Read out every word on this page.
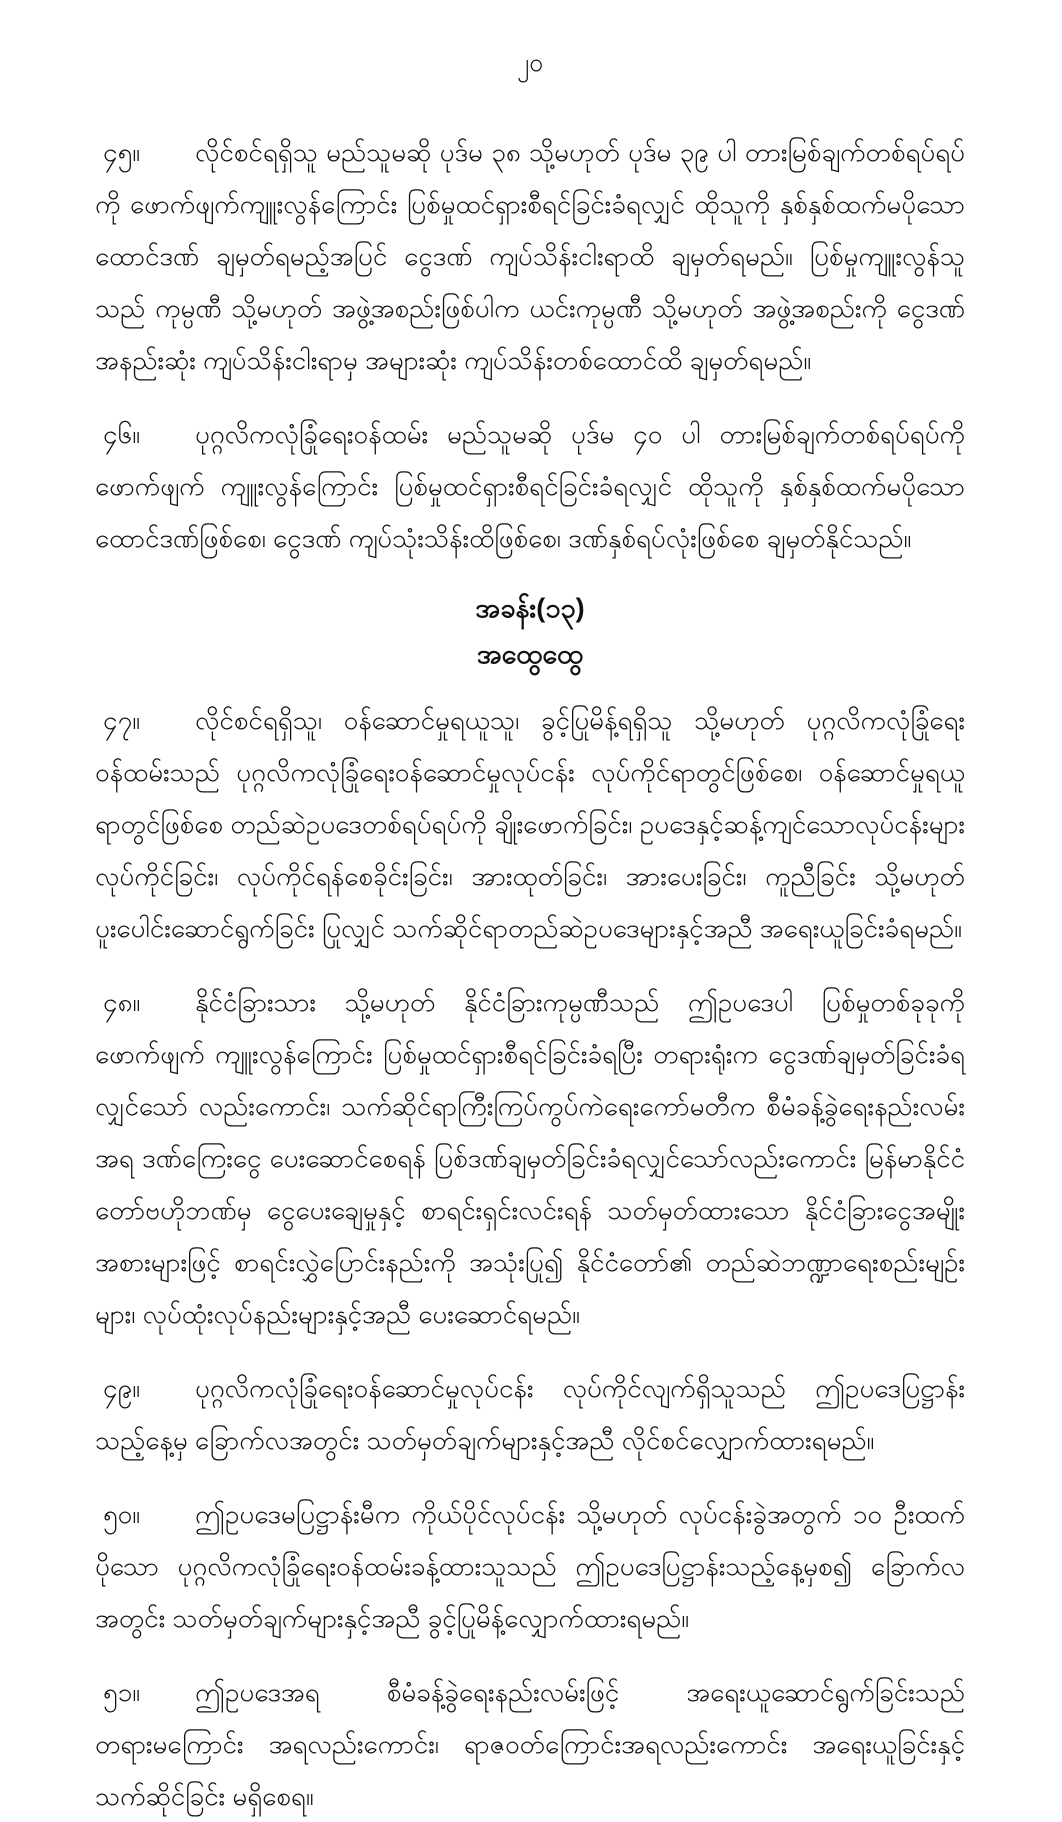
၂၀

၄၅။ လိုင်စင်ရရှိသူ မည်သူမဆို ပုဒ်မ ၃၈ သို့မဟုတ် ပုဒ်မ ၃၉ ပါ တားမြစ်ချက်တစ်ရပ်ရပ်ကို ဖောက်ဖျက်ကျူးလွန်ကြောင်း ပြစ်မှုထင်ရှားစီရင်ခြင်းခံရလျှင် ထိုသူကို နှစ်နှစ်ထက်မပိုသော ထောင်ဒဏ် ချမှတ်ရမည့်အပြင် ငွေဒဏ် ကျပ်သိန်းငါးရာထိ ချမှတ်ရမည်။ ပြစ်မှုကျူးလွန်သူသည် ကုမ္ပဏီ သို့မဟုတ် အဖွဲ့အစည်းဖြစ်ပါက ယင်းကုမ္ပဏီ သို့မဟုတ် အဖွဲ့အစည်းကို ငွေဒဏ် အနည်းဆုံး ကျပ်သိန်းငါးရာမှ အများဆုံး ကျပ်သိန်းတစ်ထောင်ထိ ချမှတ်ရမည်။

၄၆။ ပုဂ္ဂလိကလုံခြုံရေးဝန်ထမ်း မည်သူမဆို ပုဒ်မ ၄၀ ပါ တားမြစ်ချက်တစ်ရပ်ရပ်ကို ဖောက်ဖျက် ကျူးလွန်ကြောင်း ပြစ်မှုထင်ရှားစီရင်ခြင်းခံရလျှင် ထိုသူကို နှစ်နှစ်ထက်မပိုသော ထောင်ဒဏ်ဖြစ်စေ၊ ငွေဒဏ် ကျပ်သုံးသိန်းထိဖြစ်စေ၊ ဒဏ်နှစ်ရပ်လုံးဖြစ်စေ ချမှတ်နိုင်သည်။

အခန်း(၁၃)
အထွေထွေ

၄၇။ လိုင်စင်ရရှိသူ၊ ဝန်ဆောင်မှုရယူသူ၊ ခွင့်ပြုမိန့်ရရှိသူ သို့မဟုတ် ပုဂ္ဂလိကလုံခြုံရေးဝန်ထမ်းသည် ပုဂ္ဂလိကလုံခြုံရေးဝန်ဆောင်မှုလုပ်ငန်း လုပ်ကိုင်ရာတွင်ဖြစ်စေ၊ ဝန်ဆောင်မှုရယူရာတွင်ဖြစ်စေ တည်ဆဲဥပဒေတစ်ရပ်ရပ်ကို ချိုးဖောက်ခြင်း၊ ဥပဒေနှင့်ဆန့်ကျင်သောလုပ်ငန်းများလုပ်ကိုင်ခြင်း၊ လုပ်ကိုင်ရန်စေခိုင်းခြင်း၊ အားထုတ်ခြင်း၊ အားပေးခြင်း၊ ကူညီခြင်း သို့မဟုတ် ပူးပေါင်းဆောင်ရွက်ခြင်း ပြုလျှင် သက်ဆိုင်ရာတည်ဆဲဥပဒေများနှင့်အညီ အရေးယူခြင်းခံရမည်။

၄၈။ နိုင်ငံခြားသား သို့မဟုတ် နိုင်ငံခြားကုမ္ပဏီသည် ဤဥပဒေပါ ပြစ်မှုတစ်ခုခုကို ဖောက်ဖျက် ကျူးလွန်ကြောင်း ပြစ်မှုထင်ရှားစီရင်ခြင်းခံရပြီး တရားရုံးက ငွေဒဏ်ချမှတ်ခြင်းခံရလျှင်သော် လည်းကောင်း၊ သက်ဆိုင်ရာကြီးကြပ်ကွပ်ကဲရေးကော်မတီက စီမံခန့်ခွဲရေးနည်းလမ်းအရ ဒဏ်ကြေးငွေ ပေးဆောင်စေရန် ပြစ်ဒဏ်ချမှတ်ခြင်းခံရလျှင်သော်လည်းကောင်း မြန်မာနိုင်ငံတော်ဗဟိုဘဏ်မှ ငွေပေးချေမှုနှင့် စာရင်းရှင်းလင်းရန် သတ်မှတ်ထားသော နိုင်ငံခြားငွေအမျိုးအစားများဖြင့် စာရင်းလွှဲပြောင်းနည်းကို အသုံးပြု၍ နိုင်ငံတော်၏ တည်ဆဲဘဏ္ဍာရေးစည်းမျဉ်းများ၊ လုပ်ထုံးလုပ်နည်းများနှင့်အညီ ပေးဆောင်ရမည်။

၄၉။ ပုဂ္ဂလိကလုံခြုံရေးဝန်ဆောင်မှုလုပ်ငန်း လုပ်ကိုင်လျက်ရှိသူသည် ဤဥပဒေပြဋ္ဌာန်းသည့်နေ့မှ ခြောက်လအတွင်း သတ်မှတ်ချက်များနှင့်အညီ လိုင်စင်လျှောက်ထားရမည်။

၅၀။ ဤဥပဒေမပြဋ္ဌာန်းမီက ကိုယ်ပိုင်လုပ်ငန်း သို့မဟုတ် လုပ်ငန်းခွဲအတွက် ၁၀ ဦးထက် ပိုသော ပုဂ္ဂလိကလုံခြုံရေးဝန်ထမ်းခန့်ထားသူသည် ဤဥပဒေပြဋ္ဌာန်းသည့်နေ့မှစ၍ ခြောက်လအတွင်း သတ်မှတ်ချက်များနှင့်အညီ ခွင့်ပြုမိန့်လျှောက်ထားရမည်။

၅၁။ ဤဥပဒေအရ စီမံခန့်ခွဲရေးနည်းလမ်းဖြင့် အရေးယူဆောင်ရွက်ခြင်းသည် တရားမကြောင်း အရလည်းကောင်း၊ ရာဇဝတ်ကြောင်းအရလည်းကောင်း အရေးယူခြင်းနှင့် သက်ဆိုင်ခြင်း မရှိစေရ။
